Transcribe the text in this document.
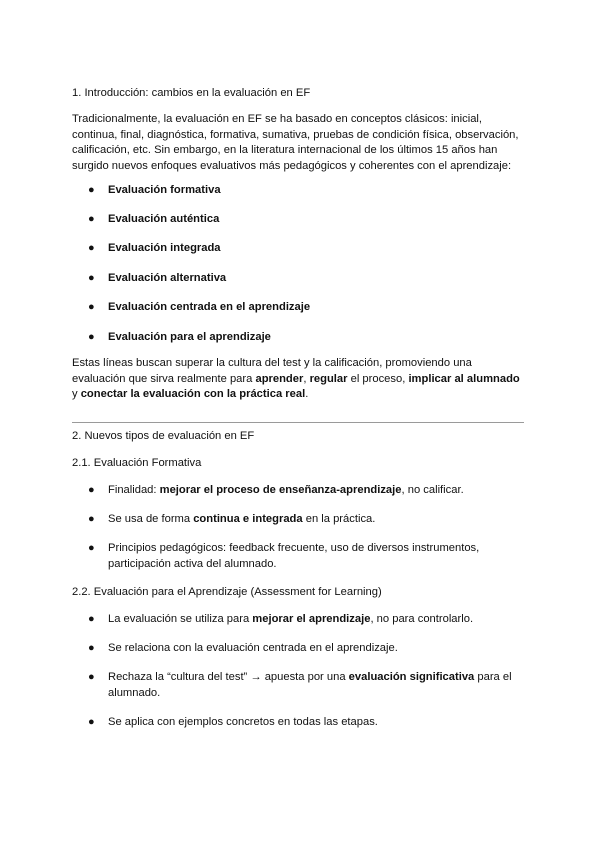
1. Introducción: cambios en la evaluación en EF

Tradicionalmente, la evaluación en EF se ha basado en conceptos clásicos: inicial, continua, final, diagnóstica, formativa, sumativa, pruebas de condición física, observación, calificación, etc. Sin embargo, en la literatura internacional de los últimos 15 años han surgido nuevos enfoques evaluativos más pedagógicos y coherentes con el aprendizaje:

● Evaluación formativa
● Evaluación auténtica
● Evaluación integrada
● Evaluación alternativa
● Evaluación centrada en el aprendizaje
● Evaluación para el aprendizaje

Estas líneas buscan superar la cultura del test y la calificación, promoviendo una evaluación que sirva realmente para aprender, regular el proceso, implicar al alumnado y conectar la evaluación con la práctica real.

2. Nuevos tipos de evaluación en EF

2.1. Evaluación Formativa

● Finalidad: mejorar el proceso de enseñanza-aprendizaje, no calificar.
● Se usa de forma continua e integrada en la práctica.
● Principios pedagógicos: feedback frecuente, uso de diversos instrumentos, participación activa del alumnado.

2.2. Evaluación para el Aprendizaje (Assessment for Learning)

● La evaluación se utiliza para mejorar el aprendizaje, no para controlarlo.
● Se relaciona con la evaluación centrada en el aprendizaje.
● Rechaza la “cultura del test” → apuesta por una evaluación significativa para el alumnado.
● Se aplica con ejemplos concretos en todas las etapas.
